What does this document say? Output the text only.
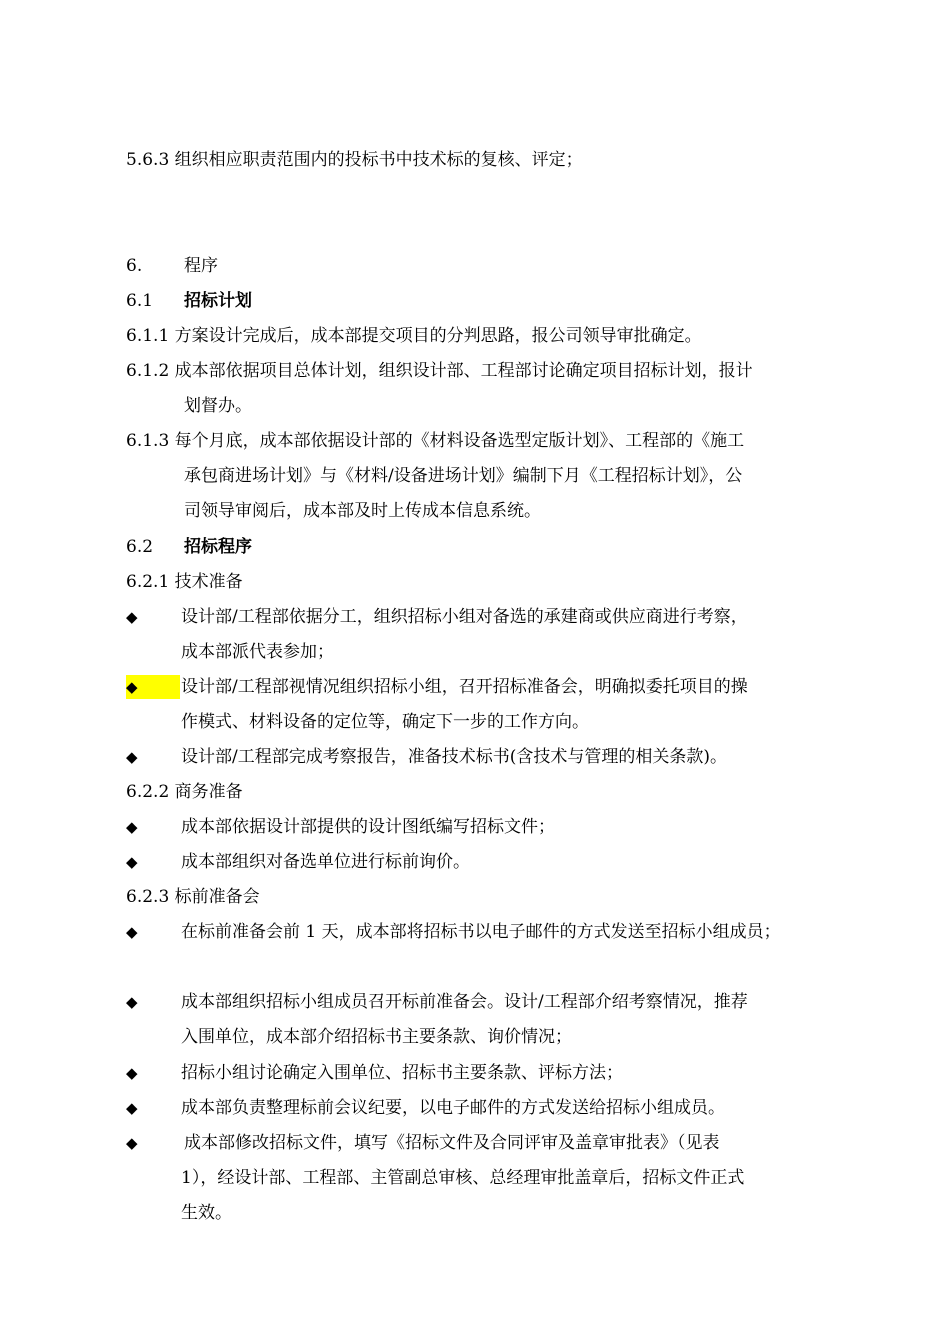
5.6.3 组织相应职责范围内的投标书中技术标的复核、评定；
6. 程序
6.1 招标计划
6.1.1 方案设计完成后，成本部提交项目的分判思路，报公司领导审批确定。
6.1.2 成本部依据项目总体计划，组织设计部、工程部讨论确定项目招标计划，报计
划督办。
6.1.3 每个月底，成本部依据设计部的《材料设备选型定版计划》、工程部的《施工
承包商进场计划》与《材料/设备进场计划》编制下月《工程招标计划》，公
司领导审阅后，成本部及时上传成本信息系统。
6.2 招标程序
6.2.1 技术准备
◆	设计部/工程部依据分工，组织招标小组对备选的承建商或供应商进行考察，
成本部派代表参加；
◆	设计部/工程部视情况组织招标小组，召开招标准备会，明确拟委托项目的操
作模式、材料设备的定位等，确定下一步的工作方向。
◆	设计部/工程部完成考察报告，准备技术标书(含技术与管理的相关条款)。
6.2.2 商务准备
◆	成本部依据设计部提供的设计图纸编写招标文件；
◆	成本部组织对备选单位进行标前询价。
6.2.3 标前准备会
◆	在标前准备会前 1 天，成本部将招标书以电子邮件的方式发送至招标小组成员；
◆	成本部组织招标小组成员召开标前准备会。设计/工程部介绍考察情况，推荐
入围单位，成本部介绍招标书主要条款、询价情况；
◆	招标小组讨论确定入围单位、招标书主要条款、评标方法；
◆	成本部负责整理标前会议纪要，以电子邮件的方式发送给招标小组成员。
◆	成本部修改招标文件，填写《招标文件及合同评审及盖章审批表》（见表
1），经设计部、工程部、主管副总审核、总经理审批盖章后，招标文件正式
生效。
